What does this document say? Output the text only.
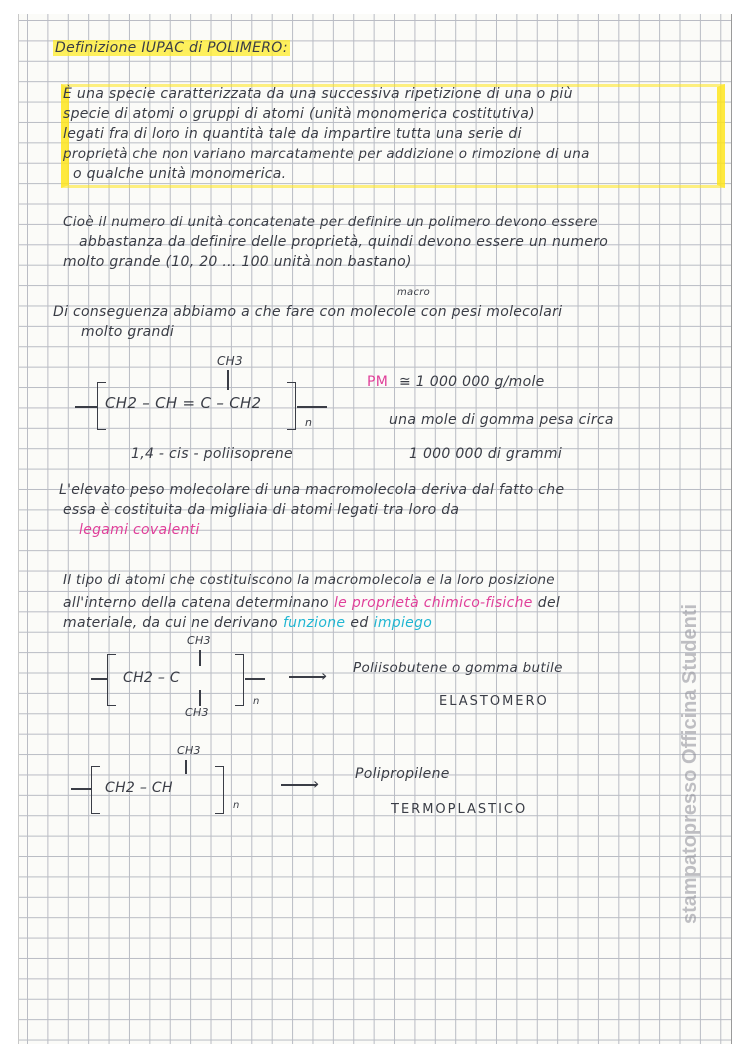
Definizione IUPAC di POLIMERO:
È una specie caratterizzata da una successiva ripetizione di una o più
specie di atomi o gruppi di atomi (unità monomerica costitutiva)
legati fra di loro in quantità tale da impartire tutta una serie di
proprietà che non variano marcatamente per addizione o rimozione di una
o qualche unità monomerica.
Cioè il numero di unità concatenate per definire un polimero devono essere
abbastanza da definire delle proprietà, quindi devono essere un numero
molto grande (10, 20 ... 100 unità non bastano)
macro
Di conseguenza abbiamo a che fare con molecole con pesi molecolari
molto grandi
CH3
CH2 – CH = C – CH2
n
1,4 - cis - poliisoprene
PM ≅ 1 000 000 g/mole
una mole di gomma pesa circa
1 000 000 di grammi
L'elevato peso molecolare di una macromolecola deriva dal fatto che
essa è costituita da migliaia di atomi legati tra loro da
legami covalenti
Il tipo di atomi che costituiscono la macromolecola e la loro posizione
all'interno della catena determinano le proprietà chimico-fisiche del
materiale, da cui ne derivano funzione ed impiego
CH3
CH2 – C
CH3
n
› Poliisobutene o gomma butile
ELASTOMERO
CH3
CH2 – CH
n
›	Polipropilene
TERMOPLASTICO	stampatopresso Officina Studenti
